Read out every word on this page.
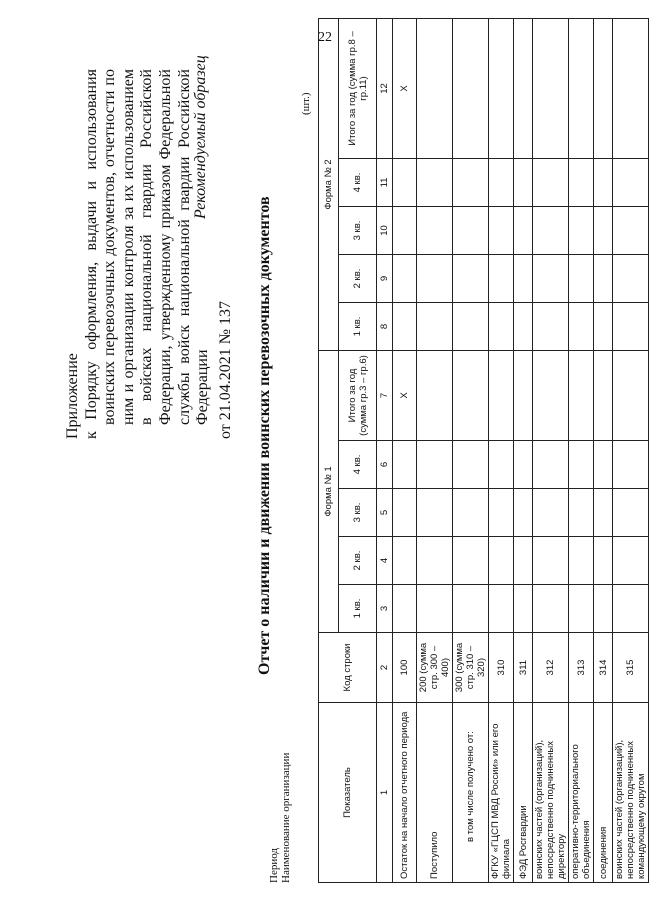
22
Приложение к Порядку оформления, выдачи и использования воинских перевозочных документов, отчетности по ним и организации контроля за их использованием в войсках национальной гвардии Российской Федерации, утвержденному приказом Федеральной службы войск национальной гвардии Российской Федерации от 21.04.2021 № 137
Рекомендуемый образец
Отчет о наличии и движении воинских перевозочных документов
Период Наименование организации
(шт.)
Показатель	Код строки	Форма № 1					Форма № 2				
		1 кв.	2 кв.	3 кв.	4 кв.	Итого за год (сумма гр.3 – гр.6)	1 кв.	2 кв.	3 кв.	4 кв.	Итого за год (сумма гр.8 – гр.11)
1	2	3	4	5	6	7	8	9	10	11	12
Остаток на начало отчетного периода	100					X					X
Поступило	200 (сумма стр. 300 – 400)										
в том числе получено от:	300 (сумма стр. 310 – 320)										
ФГКУ «ГЦСП МВД России» или его филиала	310										
ФЭД Росгвардии	311										
воинских частей (организаций), непосредственно подчиненных директору	312										
оперативно-территориального объединения	313										
соединения	314										
воинских частей (организаций), непосредственно подчиненных командующему округом	315										
